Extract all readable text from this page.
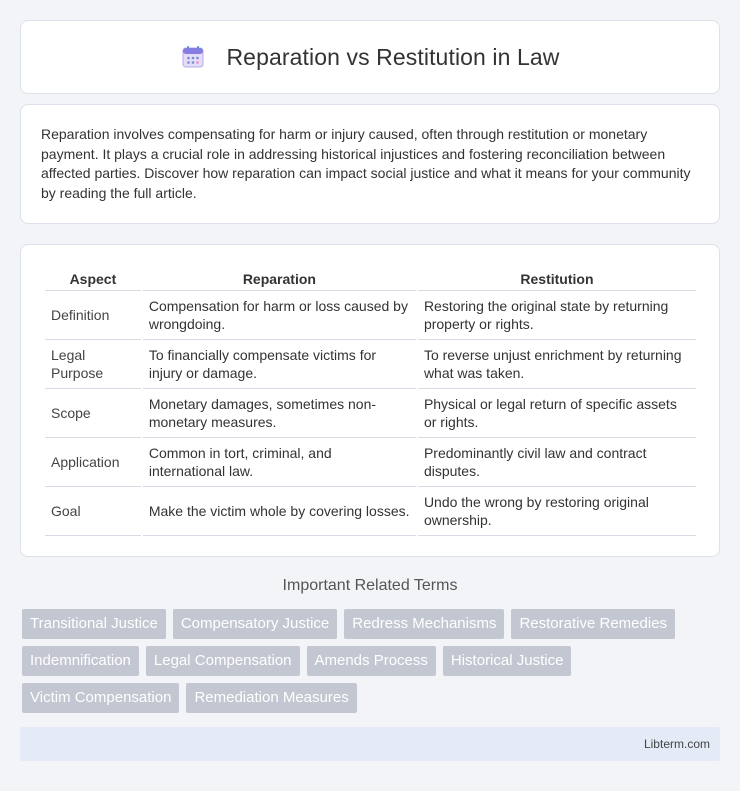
Reparation vs Restitution in Law

Reparation involves compensating for harm or injury caused, often through restitution or monetary payment. It plays a crucial role in addressing historical injustices and fostering reconciliation between affected parties. Discover how reparation can impact social justice and what it means for your community by reading the full article.

Aspect	Reparation	Restitution
Definition	Compensation for harm or loss caused by wrongdoing.	Restoring the original state by returning property or rights.
Legal Purpose	To financially compensate victims for injury or damage.	To reverse unjust enrichment by returning what was taken.
Scope	Monetary damages, sometimes non-monetary measures.	Physical or legal return of specific assets or rights.
Application	Common in tort, criminal, and international law.	Predominantly civil law and contract disputes.
Goal	Make the victim whole by covering losses.	Undo the wrong by restoring original ownership.
Important Related Terms
Transitional Justice	Compensatory Justice	Redress Mechanisms	Restorative Remedies
Indemnification	Legal Compensation	Amends Process	Historical Justice
Victim Compensation	Remediation Measures
Libterm.com
